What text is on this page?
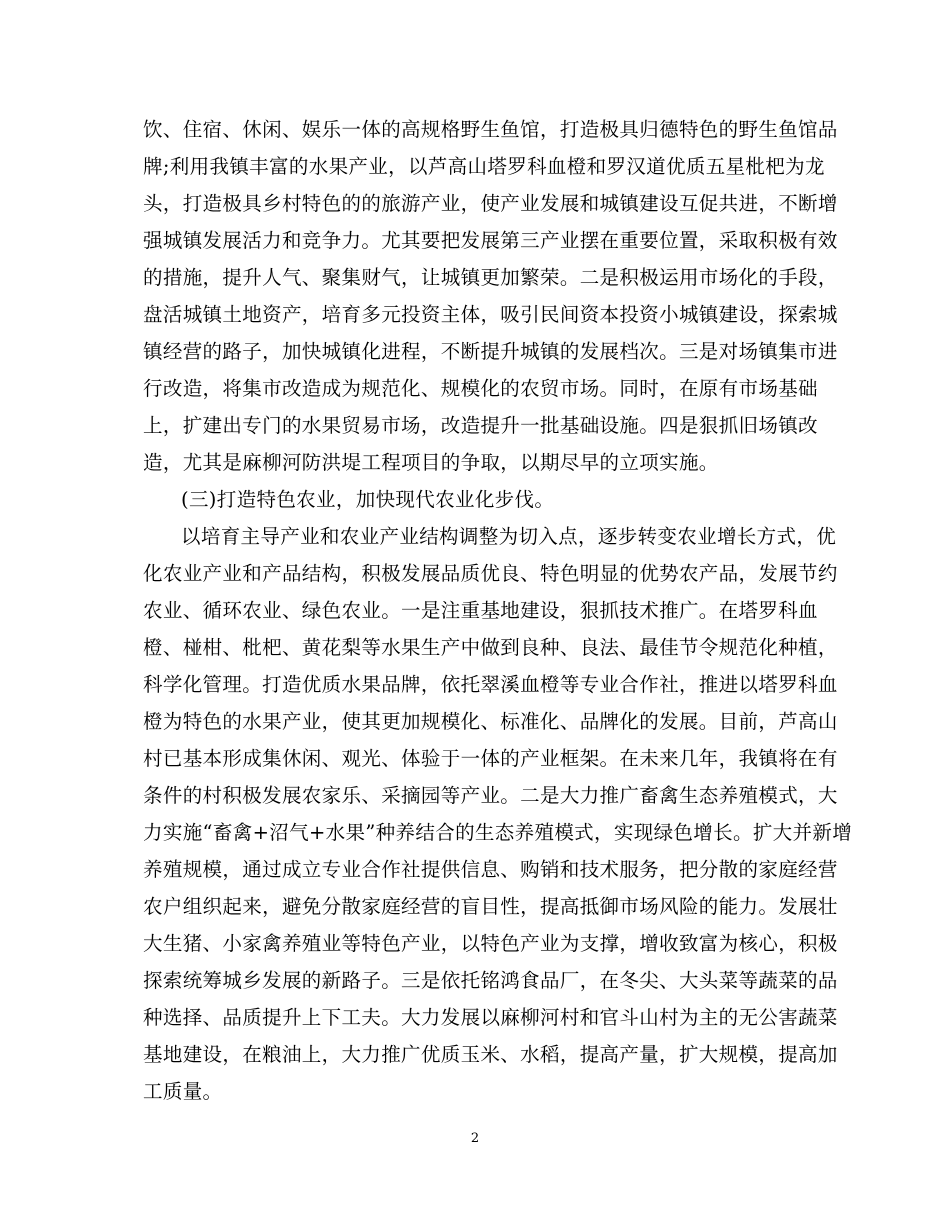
饮、住宿、休闲、娱乐一体的高规格野生鱼馆，打造极具归德特色的野生鱼馆品
牌;利用我镇丰富的水果产业，以芦高山塔罗科血橙和罗汉道优质五星枇杷为龙
头，打造极具乡村特色的的旅游产业，使产业发展和城镇建设互促共进，不断增
强城镇发展活力和竞争力。尤其要把发展第三产业摆在重要位置，采取积极有效
的措施，提升人气、聚集财气，让城镇更加繁荣。二是积极运用市场化的手段，
盘活城镇土地资产，培育多元投资主体，吸引民间资本投资小城镇建设，探索城
镇经营的路子，加快城镇化进程，不断提升城镇的发展档次。三是对场镇集市进
行改造，将集市改造成为规范化、规模化的农贸市场。同时，在原有市场基础
上，扩建出专门的水果贸易市场，改造提升一批基础设施。四是狠抓旧场镇改
造，尤其是麻柳河防洪堤工程项目的争取，以期尽早的立项实施。
(三)打造特色农业，加快现代农业化步伐。
以培育主导产业和农业产业结构调整为切入点，逐步转变农业增长方式，优
化农业产业和产品结构，积极发展品质优良、特色明显的优势农产品，发展节约
农业、循环农业、绿色农业。一是注重基地建设，狠抓技术推广。在塔罗科血
橙、椪柑、枇杷、黄花梨等水果生产中做到良种、良法、最佳节令规范化种植，
科学化管理。打造优质水果品牌，依托翠溪血橙等专业合作社，推进以塔罗科血
橙为特色的水果产业，使其更加规模化、标准化、品牌化的发展。目前，芦高山
村已基本形成集休闲、观光、体验于一体的产业框架。在未来几年，我镇将在有
条件的村积极发展农家乐、采摘园等产业。二是大力推广畜禽生态养殖模式，大
力实施“畜禽+沼气+水果”种养结合的生态养殖模式，实现绿色增长。扩大并新增
养殖规模，通过成立专业合作社提供信息、购销和技术服务，把分散的家庭经营
农户组织起来，避免分散家庭经营的盲目性，提高抵御市场风险的能力。发展壮
大生猪、小家禽养殖业等特色产业，以特色产业为支撑，增收致富为核心，积极
探索统筹城乡发展的新路子。三是依托铭鸿食品厂，在冬尖、大头菜等蔬菜的品
种选择、品质提升上下工夫。大力发展以麻柳河村和官斗山村为主的无公害蔬菜
基地建设，在粮油上，大力推广优质玉米、水稻，提高产量，扩大规模，提高加
工质量。
2
